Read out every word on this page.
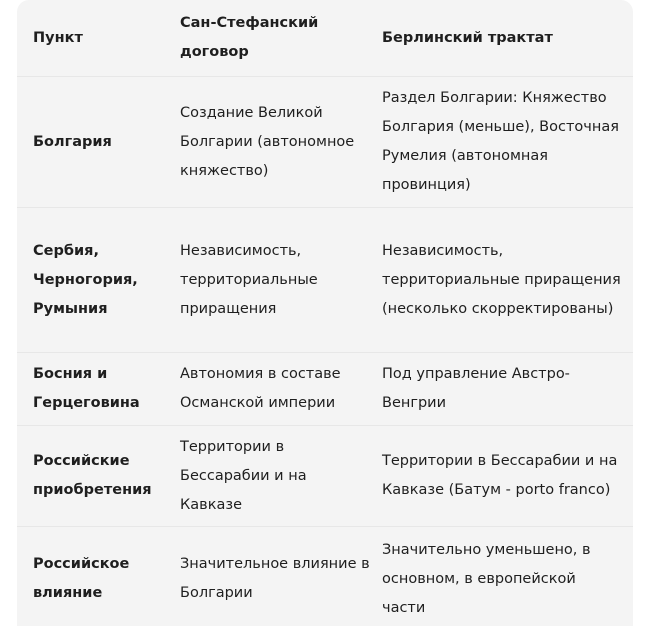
Пункт	Сан-Стефанский договор	Берлинский трактат
Болгария	Создание Великой Болгарии (автономное княжество)	Раздел Болгарии: Княжество Болгария (меньше), Восточная Румелия (автономная провинция)

Сербия, Черногория, Румыния	Независимость, территориальные приращения	Независимость, территориальные приращения (несколько скорректированы)

Босния и Герцеговина	Автономия в составе Османской империи	Под управление Австро-Венгрии

Российские приобретения	Территории в Бессарабии и на Кавказе	Территории в Бессарабии и на Кавказе (Батум - porto franco)

Российское влияние	Значительное влияние в Болгарии	Значительно уменьшено, в основном, в европейской части
